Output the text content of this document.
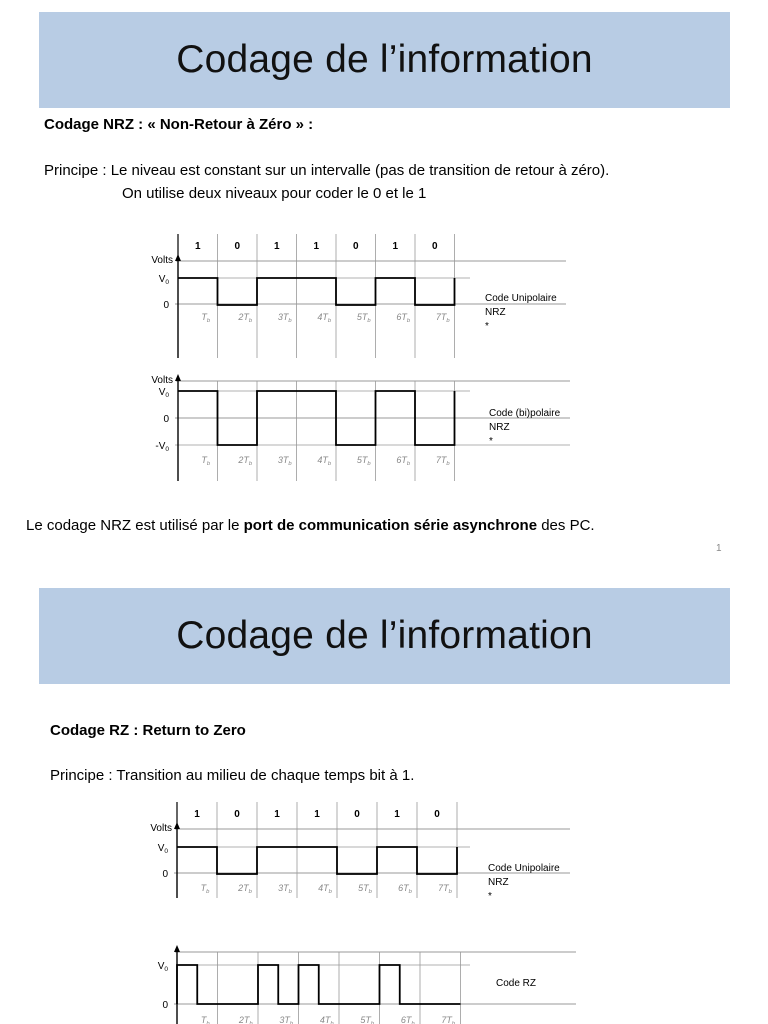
Codage de l’information
Codage NRZ : « Non-Retour à Zéro » :
Principe : Le niveau est constant sur un intervalle (pas de transition de retour à zéro).
On utilise deux niveaux pour coder le 0 et le 1
1	0	1	1	0	1	0
Volts
$V_0$
0
$T_b$	$2T_b$	$3T_b$	$4T_b$	$5T_b$	$6T_b$	$7T_b$
Code Unipolaire
NRZ
*
Volts
$V_0$
0
$-V_0$
$T_b$	$2T_b$	$3T_b$	$4T_b$	$5T_b$	$6T_b$	$7T_b$
Code (bi)polaire
NRZ
*
Le codage NRZ est utilisé par le port de communication série asynchrone des PC.
1
Codage de l’information
Codage RZ : Return to Zero
Principe : Transition au milieu de chaque temps bit à 1.
1	0	1	1	0	1	0
Volts
$V_0$
0
$T_b$	$2T_b$	$3T_b$	$4T_b$	$5T_b$	$6T_b$	$7T_b$
Code Unipolaire
NRZ
*
$V_0$
0
$T_b$	$2T_b$	$3T_b$	$4T_b$	$5T_b$	$6T_b$	$7T_b$
Code RZ
